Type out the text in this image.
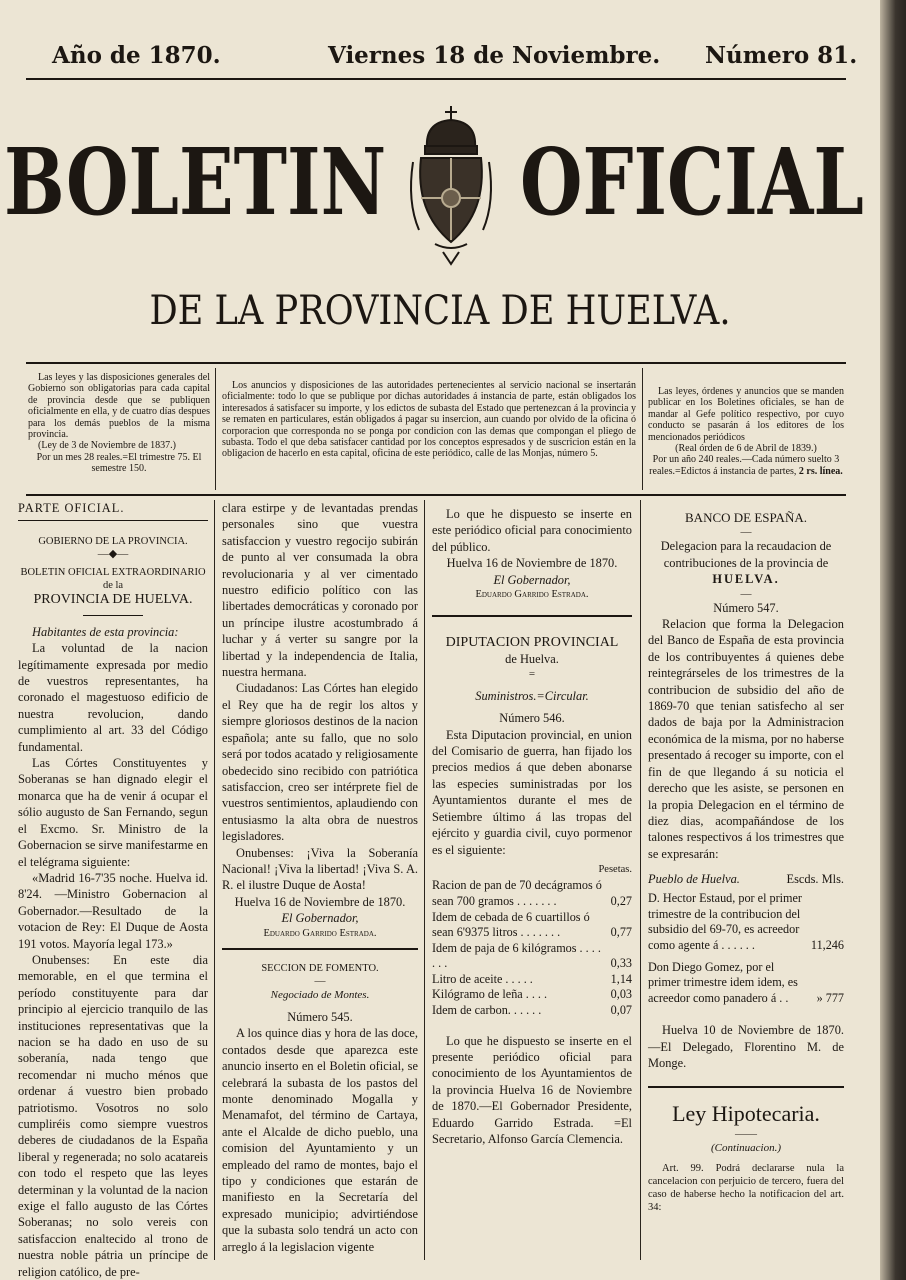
Año de 1870.	Viernes 18 de Noviembre. Número 81.
BOLETIN OFICIAL
DE LA PROVINCIA DE HUELVA.

Las leyes y las disposiciones generales del Gobierno son obligatorias para cada capital de provincia desde que se publiquen oficialmente en ella, y de cuatro días despues para los demás pueblos de la misma provincia.

(Ley de 3 de Noviembre de 1837.)

Por un mes 28 reales.=El trimestre 75. El semestre 150.

Los anuncios y disposiciones de las autoridades pertenecientes al servicio nacional se insertarán oficialmente: todo lo que se publique por dichas autoridades á instancia de parte, están obligados los interesados á satisfacer su importe, y los edictos de subasta del Estado que pertenezcan á la provincia y se rematen en particulares, están obligados á pagar su insercion, aun cuando por olvido de la oficina ó corporacion que corresponda no se ponga por condicion con las demas que compongan el pliego de subasta. Todo el que deba satisfacer cantidad por los conceptos espresados y de suscricion están en la obligacion de hacerlo en esta capital, oficina de este periódico, calle de las Monjas, número 5.

Las leyes, órdenes y anuncios que se manden publicar en los Boletines oficiales, se han de mandar al Gefe político respectivo, por cuyo conducto se pasarán á los editores de los mencionados periódicos

(Real órden de 6 de Abril de 1839.)

Por un año 240 reales.—Cada número suelto 3 reales.=Edictos á instancia de partes, 2 rs. línea.

PARTE OFICIAL.

GOBIERNO DE LA PROVINCIA.

—◆—

BOLETIN OFICIAL EXTRAORDINARIO

de la

PROVINCIA DE HUELVA.

Habitantes de esta provincia:

La voluntad de la nacion legítimamente expresada por medio de vuestros representantes, ha coronado el magestuoso edificio de nuestra revolucion, dando cumplimiento al art. 33 del Código fundamental.

Las Córtes Constituyentes y Soberanas se han dignado elegir el monarca que ha de venir á ocupar el sólio augusto de San Fernando, segun el Excmo. Sr. Ministro de la Gobernacion se sirve manifestarme en el telégrama siguiente:

«Madrid 16-7'35 noche. Huelva id. 8'24. —Ministro Gobernacion al Gobernador.—Resultado de la votacion de Rey: El Duque de Aosta 191 votos. Mayoría legal 173.»

Onubenses: En este dia memorable, en el que termina el período constituyente para dar principio al ejercicio tranquilo de las instituciones representativas que la nacion se ha dado en uso de su soberanía, nada tengo que recomendar ni mucho ménos que ordenar á vuestro bien probado patriotismo. Vosotros no solo cumpliréis como siempre vuestros deberes de ciudadanos de la España liberal y regenerada; no solo acatareis con todo el respeto que las leyes determinan y la voluntad de la nacion exige el fallo augusto de las Córtes Soberanas; no solo vereis con satisfaccion enaltecido al trono de nuestra noble pátria un príncipe de religion católico, de pre-

clara estirpe y de levantadas prendas personales sino que vuestra satisfaccion y vuestro regocijo subirán de punto al ver consumada la obra revolucionaria y al ver cimentado nuestro edificio político con las libertades democráticas y coronado por un príncipe ilustre acostumbrado á luchar y á verter su sangre por la libertad y la independencia de Italia, nuestra hermana.

Ciudadanos: Las Córtes han elegido el Rey que ha de regir los altos y siempre gloriosos destinos de la nacion española; ante su fallo, que no solo será por todos acatado y religiosamente obedecido sino recibido con patriótica satisfaccion, creo ser intérprete fiel de vuestros sentimientos, aplaudiendo con entusiasmo la alta obra de nuestros legisladores.

Onubenses: ¡Viva la Soberanía Nacional! ¡Viva la libertad! ¡Viva S. A. R. el ilustre Duque de Aosta!

Huelva 16 de Noviembre de 1870.

El Gobernador,

Eduardo Garrido Estrada.

SECCION DE FOMENTO.

—

Negociado de Montes.

Número 545.

A los quince dias y hora de las doce, contados desde que aparezca este anuncio inserto en el Boletin oficial, se celebrará la subasta de los pastos del monte denominado Mogalla y Menamafot, del término de Cartaya, ante el Alcalde de dicho pueblo, una comision del Ayuntamiento y un empleado del ramo de montes, bajo el tipo y condiciones que estarán de manifiesto en la Secretaría del expresado municipio; advirtiéndose que la subasta solo tendrá un acto con arreglo á la legislacion vigente

Lo que he dispuesto se inserte en este periódico oficial para conocimiento del público.

Huelva 16 de Noviembre de 1870.

El Gobernador,

Eduardo Garrido Estrada.

DIPUTACION PROVINCIAL

de Huelva.

=

Suministros.=Circular.

Número 546.

Esta Diputacion provincial, en union del Comisario de guerra, han fijado los precios medios á que deben abonarse las especies suministradas por los Ayuntamientos durante el mes de Setiembre último á las tropas del ejército y guardia civil, cuyo pormenor es el siguiente:

Pesetas.

Racion de pan de 70 decágramos ó sean 700 gramos . . . . . . .	0,27
Idem de cebada de 6 cuartillos ó sean 6'9375 litros . . . . . . .	0,77
Idem de paja de 6 kilógramos . . . . . . .	0,33
Litro de aceite . . . . .	1,14
Kilógramo de leña . . . .	0,03
Idem de carbon. . . . . .	0,07

Lo que he dispuesto se inserte en el presente periódico oficial para conocimiento de los Ayuntamientos de la provincia Huelva 16 de Noviembre de 1870.—El Gobernador Presidente, Eduardo Garrido Estrada. =El Secretario, Alfonso García Clemencia.

BANCO DE ESPAÑA.

—

Delegacion para la recaudacion de contribuciones de la provincia de

HUELVA.

—

Número 547.

Relacion que forma la Delegacion del Banco de España de esta provincia de los contribuyentes á quienes debe reintegrárseles de los trimestres de la contribucion de subsidio del año de 1869-70 que tenian satisfecho al ser dados de baja por la Administracion económica de la misma, por no haberse presentado á recoger su importe, con el fin de que llegando á su noticia el derecho que les asiste, se personen en la propia Delegacion en el término de diez dias, acompañándose de los talones respectivos á los trimestres que se expresarán:

Pueblo de Huelva.	Escds. Mls.
D. Hector Estaud, por el primer trimestre de la contribucion del subsidio del 69-70, es acreedor como agente á . . . . . .	11,246
Don Diego Gomez, por el primer trimestre idem idem, es acreedor como panadero á . .	» 777

Huelva 10 de Noviembre de 1870.—El Delegado, Florentino M. de Monge.

Ley Hipotecaria.

——

(Continuacion.)

Art. 99. Podrá declararse nula la cancelacion con perjuicio de tercero, fuera del caso de haberse hecho la notificacion del art. 34:
